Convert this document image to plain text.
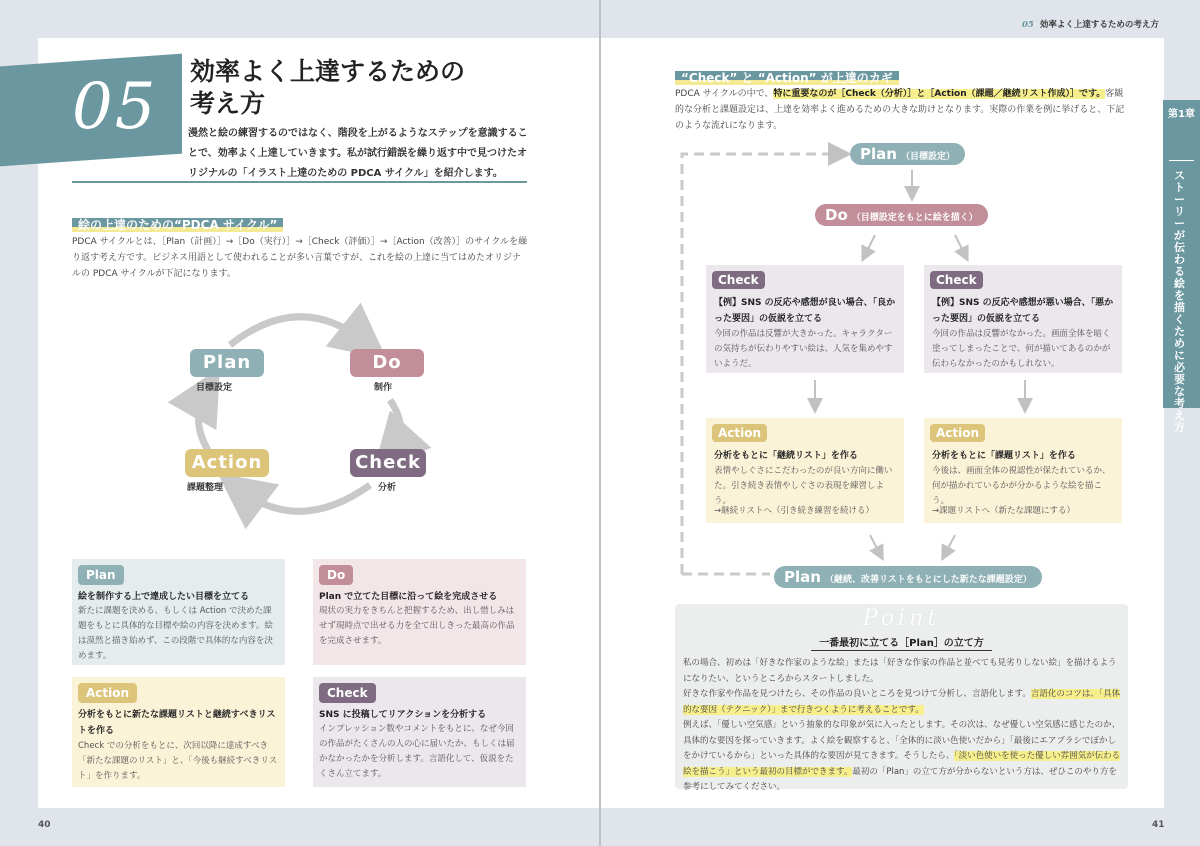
05 効率よく上達するための
考え方
漫然と絵の練習するのではなく、階段を上がるようなステップを意識することで、効率よく上達していきます。私が試行錯誤を繰り返す中で見つけたオリジナルの「イラスト上達のための PDCA サイクル」を紹介します。
絵の上達のための“PDCA サイクル”
PDCA サイクルとは、［Plan（計画）］→［Do（実行）］→［Check（評価）］→［Action（改善）］のサイクルを繰り返す考え方です。ビジネス用語として使われることが多い言葉ですが、これを絵の上達に当てはめたオリジナルの PDCA サイクルが下記になります。
Plan
目標設定
Do
制作
Check
分析
Action
課題整理
Plan
絵を制作する上で達成したい目標を立てる
新たに課題を決める、もしくは Action で決めた課題をもとに具体的な目標や絵の内容を決めます。絵は漠然と描き始めず、この段階で具体的な内容を決めます。
Do
Plan で立てた目標に沿って絵を完成させる
現状の実力をきちんと把握するため、出し惜しみはせず現時点で出せる力を全て出しきった最高の作品を完成させます。
Action
分析をもとに新たな課題リストと継続すべきリストを作る
Check での分析をもとに、次回以降に達成すべき「新たな課題のリスト」と、「今後も継続すべきリスト」を作ります。
Check
SNS に投稿してリアクションを分析する
インプレッション数やコメントをもとに、なぜ今回の作品がたくさんの人の心に届いたか、もしくは届かなかったかを分析します。言語化して、仮説をたくさん立てます。
40
05 効率よく上達するための考え方
第1章
ストーリーが伝わる絵を描くために必要な考え方
“Check” と “Action” が上達のカギ
PDCA サイクルの中で、特に重要なのが［Check（分析）］と［Action（課題／継続リスト作成）］です。客観的な分析と課題設定は、上達を効率よく進めるための大きな助けとなります。実際の作業を例に挙げると、下記のような流れになります。
Plan （目標設定）
Do （目標設定をもとに絵を描く）
Check
【例】SNS の反応や感想が良い場合、「良かった要因」の仮説を立てる
今回の作品は反響が大きかった。キャラクターの気持ちが伝わりやすい絵は、人気を集めやすいようだ。
Check
【例】SNS の反応や感想が悪い場合、「悪かった要因」の仮説を立てる
今回の作品は反響がなかった。画面全体を暗く塗ってしまったことで、何が描いてあるのかが伝わらなかったのかもしれない。
Action
分析をもとに「継続リスト」を作る
表情やしぐさにこだわったのが良い方向に働いた。引き続き表情やしぐさの表現を練習しよう。
→継続リストへ（引き続き練習を続ける）
Action
分析をもとに「課題リスト」を作る
今後は、画面全体の視認性が保たれているか、何が描かれているかが分かるような絵を描こう。
→課題リストへ（新たな課題にする）
Plan （継続、改善リストをもとにした新たな課題設定）
Point
一番最初に立てる［Plan］の立て方
私の場合、初めは「好きな作家のような絵」または「好きな作家の作品と並べても見劣りしない絵」を描けるようになりたい、というところからスタートしました。
好きな作家や作品を見つけたら、その作品の良いところを見つけて分析し、言語化します。言語化のコツは、「具体的な要因（テクニック）」まで行きつくように考えることです。
例えば、「優しい空気感」という抽象的な印象が気に入ったとします。その次は、なぜ優しい空気感に感じたのか、具体的な要因を探っていきます。よく絵を観察すると、「全体的に淡い色使いだから」「最後にエアブラシでぼかしをかけているから」といった具体的な要因が見てきます。そうしたら、「淡い色使いを使った優しい雰囲気が伝わる絵を描こう」という最初の目標ができます。最初の「Plan」の立て方が分からないという方は、ぜひこのやり方を参考にしてみてください。
41
